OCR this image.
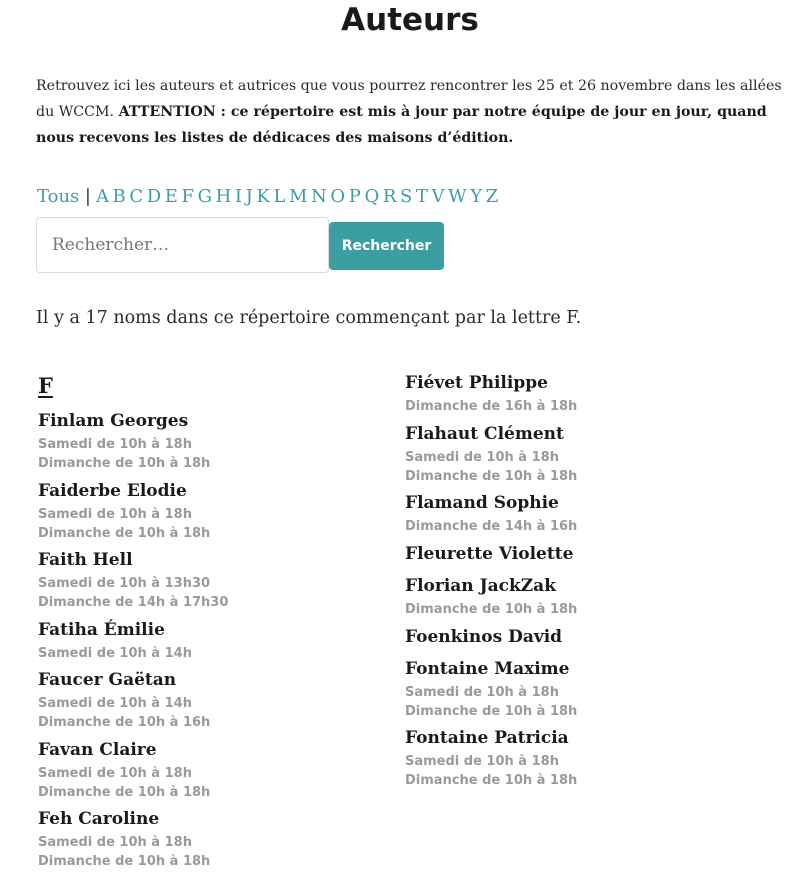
Auteurs

Retrouvez ici les auteurs et autrices que vous pourrez rencontrer les 25 et 26 novembre dans les allées du WCCM. ATTENTION : ce répertoire est mis à jour par notre équipe de jour en jour, quand nous recevons les listes de dédicaces des maisons d’édition.

Tous | A B C D E F G H I J K L M N O P Q R S T V W Y Z
Rechercher…
Rechercher

Il y a 17 noms dans ce répertoire commençant par la lettre F.

F
Finlam Georges
Samedi de 10h à 18h
Dimanche de 10h à 18h
Faiderbe Elodie
Samedi de 10h à 18h
Dimanche de 10h à 18h
Faith Hell
Samedi de 10h à 13h30
Dimanche de 14h à 17h30
Fatiha Émilie
Samedi de 10h à 14h
Faucer Gaëtan
Samedi de 10h à 14h
Dimanche de 10h à 16h
Favan Claire
Samedi de 10h à 18h
Dimanche de 10h à 18h
Feh Caroline
Samedi de 10h à 18h
Dimanche de 10h à 18h
Fiévet Philippe
Dimanche de 16h à 18h
Flahaut Clément
Samedi de 10h à 18h
Dimanche de 10h à 18h
Flamand Sophie
Dimanche de 14h à 16h
Fleurette Violette
Florian JackZak
Dimanche de 10h à 18h
Foenkinos David
Fontaine Maxime
Samedi de 10h à 18h
Dimanche de 10h à 18h
Fontaine Patricia
Samedi de 10h à 18h
Dimanche de 10h à 18h
